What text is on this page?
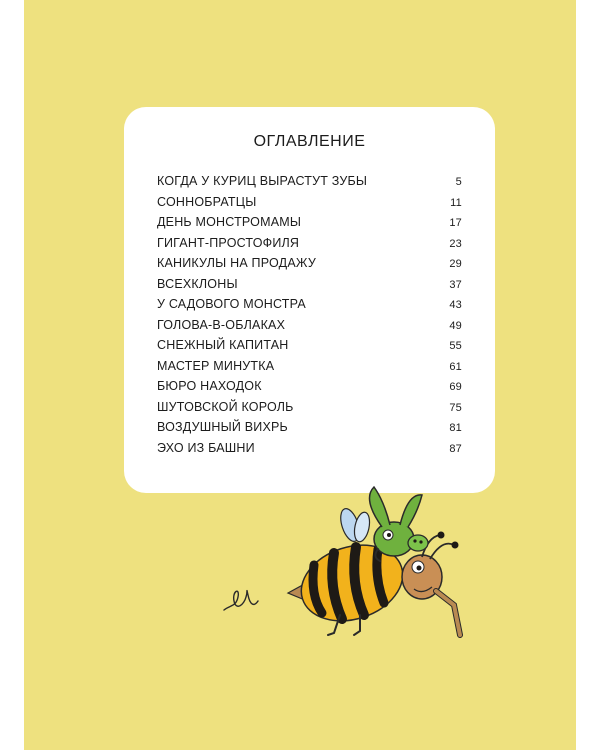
ОГЛАВЛЕНИЕ
КОГДА У КУРИЦ ВЫРАСТУТ ЗУБЫ	5
СОННОБРАТЦЫ	11
ДЕНЬ МОНСТРОМАМЫ	17
ГИГАНТ-ПРОСТОФИЛЯ	23
КАНИКУЛЫ НА ПРОДАЖУ	29
ВСЕХКЛОНЫ	37
У САДОВОГО МОНСТРА	43
ГОЛОВА-В-ОБЛАКАХ	49
СНЕЖНЫЙ КАПИТАН	55
МАСТЕР МИНУТКА	61
БЮРО НАХОДОК	69
ШУТОВСКОЙ КОРОЛЬ	75
ВОЗДУШНЫЙ ВИХРЬ	81
ЭХО ИЗ БАШНИ	87
